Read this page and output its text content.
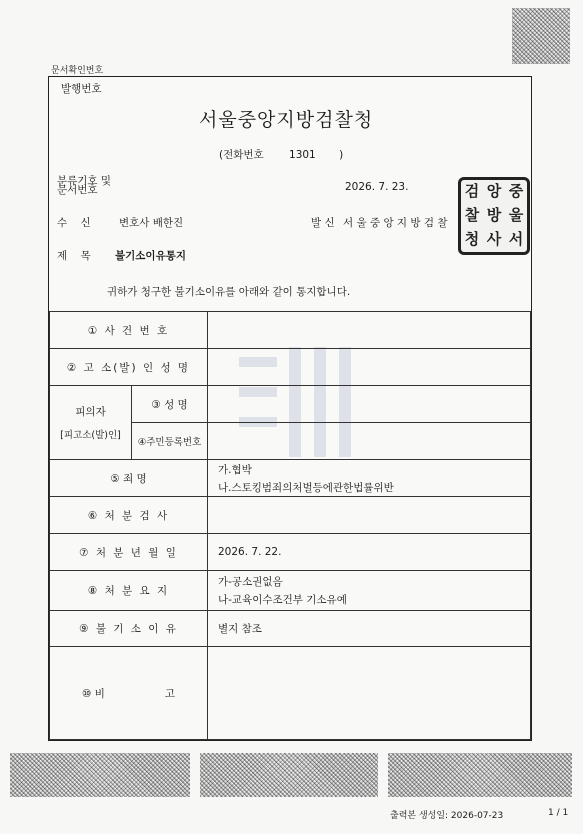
문서확인번호
발행번호
서울중앙지방검찰청
(전화번호 1301 )
분류기호 및
문서번호	2026. 7. 23.
수    신	변호사 배한진	발 신 서 울 중 앙 지 방 검 찰
검 앙 중
찰 방 울
청 사 서
제    목 불기소이유통지
귀하가 청구한 불기소이유를 아래와 같이 통지합니다.
① 사 건 번 호		
② 고 소(발) 인 성 명		

피의자
[피고소(발)인]	③ 성 명	
	④주민등록번호	
⑤ 죄 명		가.협박
나.스토킹범죄의처벌등에관한법률위반

⑥ 처 분 검 사		
⑦ 처 분 년 월 일		2026. 7. 22.
⑧ 처 분 요 지		가-공소권없음
나-교육이수조건부 기소유예

⑨ 불 기 소 이 유		별지 참조
⑩ 비                  고		
출력본 생성일: 2026-07-23	1 / 1
